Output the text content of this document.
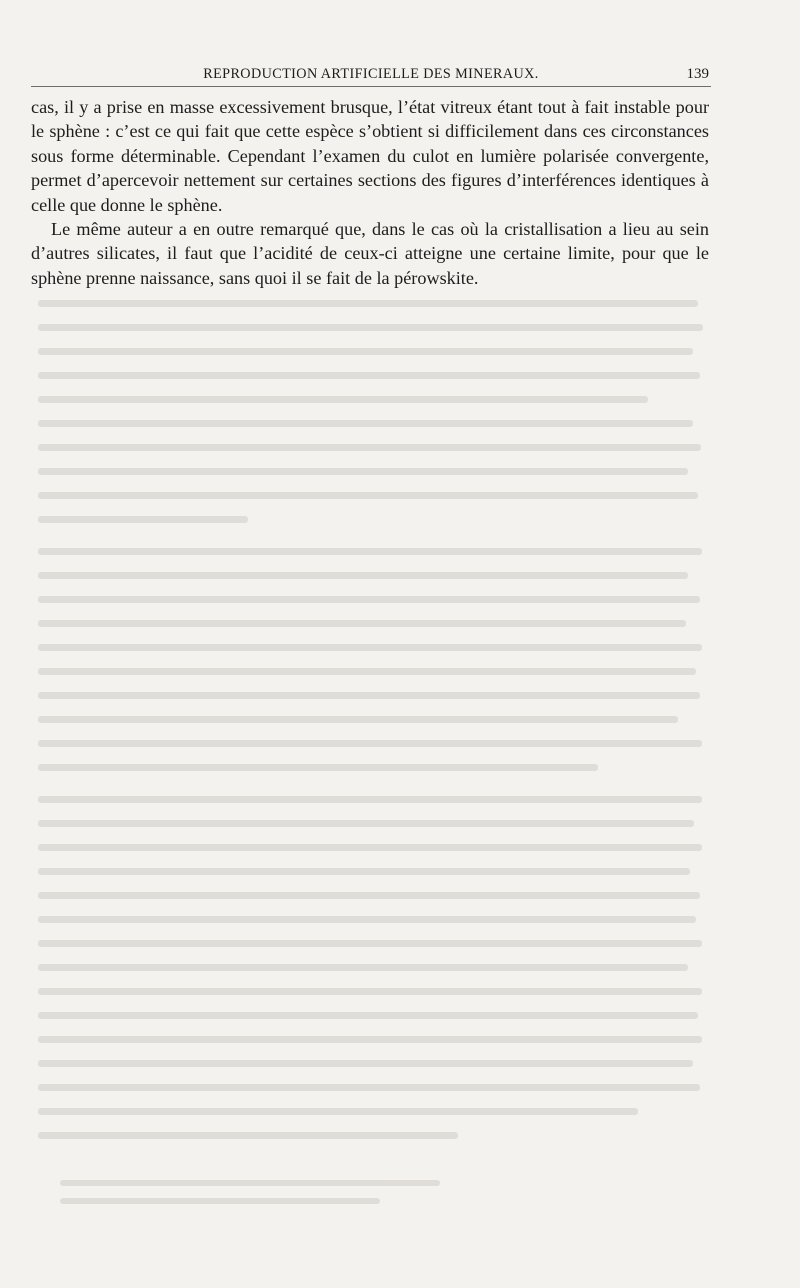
REPRODUCTION ARTIFICIELLE DES MINERAUX.	139

cas, il y a prise en masse excessivement brusque, l’état vitreux étant tout à fait instable pour le sphène : c’est ce qui fait que cette espèce s’obtient si difficilement dans ces circonstances sous forme déterminable. Cependant l’examen du culot en lumière polarisée convergente, permet d’apercevoir nettement sur certaines sections des figures d’interférences identiques à celle que donne le sphène.

Le même auteur a en outre remarqué que, dans le cas où la cristallisation a lieu au sein d’autres silicates, il faut que l’acidité de ceux-ci atteigne une certaine limite, pour que le sphène prenne naissance, sans quoi il se fait de la pérowskite.
